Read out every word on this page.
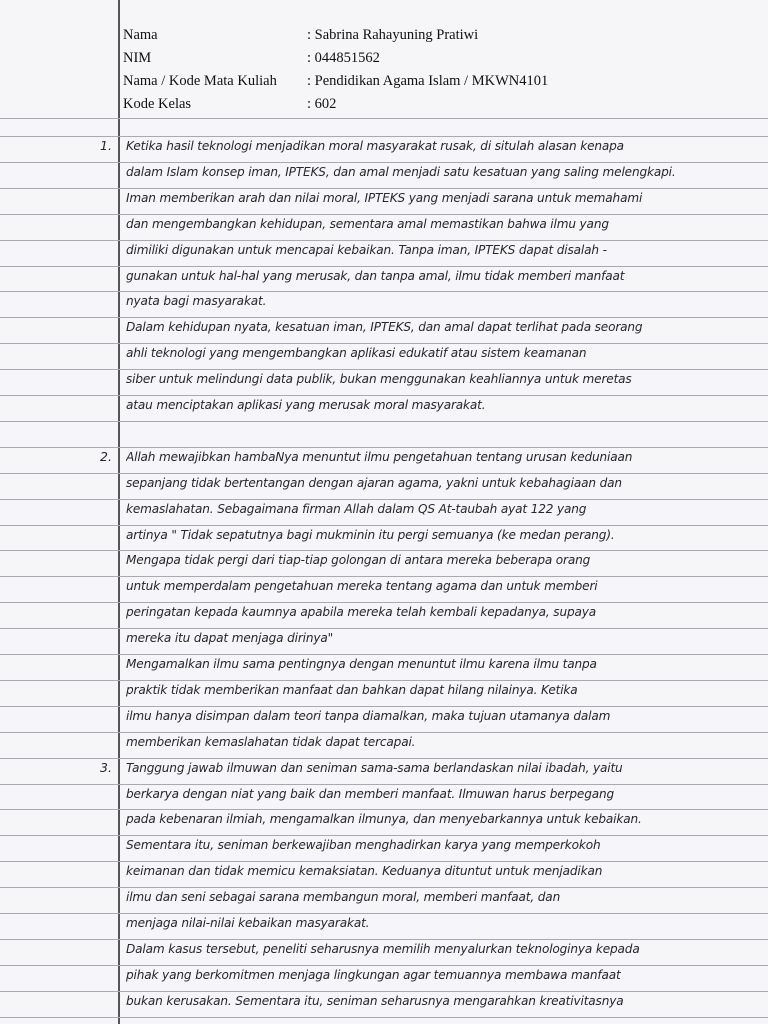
Nama	: Sabrina Rahayuning Pratiwi
NIM	: 044851562
Nama / Kode Mata Kuliah : Pendidikan Agama Islam / MKWN4101
Kode Kelas	: 602
1. Ketika hasil teknologi menjadikan moral masyarakat rusak, di situlah alasan kenapa
dalam Islam konsep iman, IPTEKS, dan amal menjadi satu kesatuan yang saling melengkapi.
Iman memberikan arah dan nilai moral, IPTEKS yang menjadi sarana untuk memahami
dan mengembangkan kehidupan, sementara amal memastikan bahwa ilmu yang
dimiliki digunakan untuk mencapai kebaikan. Tanpa iman, IPTEKS dapat disalah -
gunakan untuk hal-hal yang merusak, dan tanpa amal, ilmu tidak memberi manfaat
nyata bagi masyarakat.
Dalam kehidupan nyata, kesatuan iman, IPTEKS, dan amal dapat terlihat pada seorang
ahli teknologi yang mengembangkan aplikasi edukatif atau sistem keamanan
siber untuk melindungi data publik, bukan menggunakan keahliannya untuk meretas
atau menciptakan aplikasi yang merusak moral masyarakat.
2. Allah mewajibkan hambaNya menuntut ilmu pengetahuan tentang urusan keduniaan
sepanjang tidak bertentangan dengan ajaran agama, yakni untuk kebahagiaan dan
kemaslahatan. Sebagaimana firman Allah dalam QS At-taubah ayat 122 yang
artinya " Tidak sepatutnya bagi mukminin itu pergi semuanya (ke medan perang).
Mengapa tidak pergi dari tiap-tiap golongan di antara mereka beberapa orang
untuk memperdalam pengetahuan mereka tentang agama dan untuk memberi
peringatan kepada kaumnya apabila mereka telah kembali kepadanya, supaya
mereka itu dapat menjaga dirinya"
Mengamalkan ilmu sama pentingnya dengan menuntut ilmu karena ilmu tanpa
praktik tidak memberikan manfaat dan bahkan dapat hilang nilainya. Ketika
ilmu hanya disimpan dalam teori tanpa diamalkan, maka tujuan utamanya dalam
memberikan kemaslahatan tidak dapat tercapai.
3. Tanggung jawab ilmuwan dan seniman sama-sama berlandaskan nilai ibadah, yaitu
berkarya dengan niat yang baik dan memberi manfaat. Ilmuwan harus berpegang
pada kebenaran ilmiah, mengamalkan ilmunya, dan menyebarkannya untuk kebaikan.
Sementara itu, seniman berkewajiban menghadirkan karya yang memperkokoh
keimanan dan tidak memicu kemaksiatan. Keduanya dituntut untuk menjadikan
ilmu dan seni sebagai sarana membangun moral, memberi manfaat, dan
menjaga nilai-nilai kebaikan masyarakat.
Dalam kasus tersebut, peneliti seharusnya memilih menyalurkan teknologinya kepada
pihak yang berkomitmen menjaga lingkungan agar temuannya membawa manfaat
bukan kerusakan. Sementara itu, seniman seharusnya mengarahkan kreativitasnya
